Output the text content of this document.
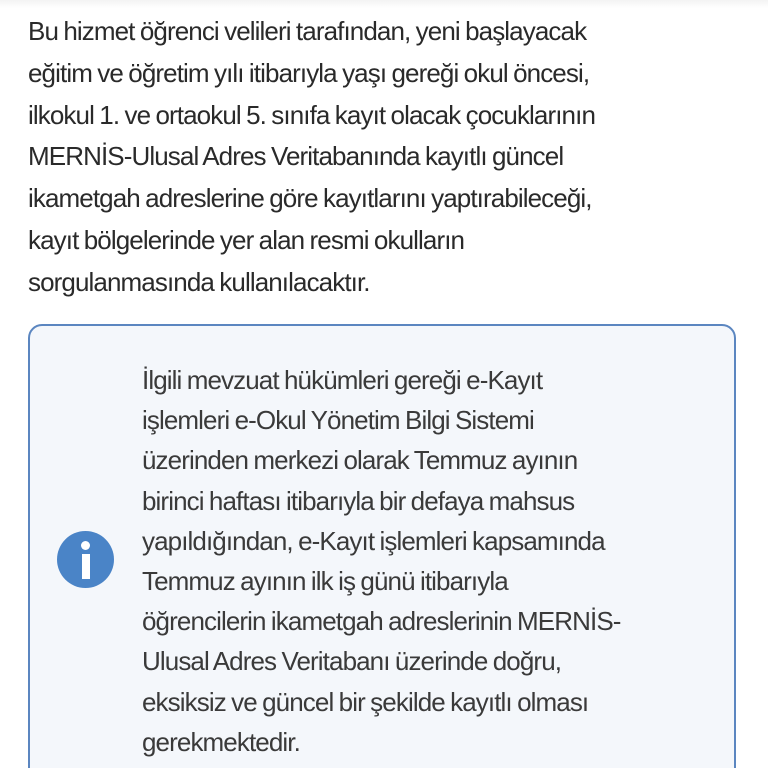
Bu hizmet öğrenci velileri tarafından, yeni başlayacak
eğitim ve öğretim yılı itibarıyla yaşı gereği okul öncesi,
ilkokul 1. ve ortaokul 5. sınıfa kayıt olacak çocuklarının
MERNİS-Ulusal Adres Veritabanında kayıtlı güncel
ikametgah adreslerine göre kayıtlarını yaptırabileceği,
kayıt bölgelerinde yer alan resmi okulların
sorgulanmasında kullanılacaktır.

İlgili mevzuat hükümleri gereği e-Kayıt
işlemleri e-Okul Yönetim Bilgi Sistemi
üzerinden merkezi olarak Temmuz ayının
birinci haftası itibarıyla bir defaya mahsus
yapıldığından, e-Kayıt işlemleri kapsamında
Temmuz ayının ilk iş günü itibarıyla
öğrencilerin ikametgah adreslerinin MERNİS-
Ulusal Adres Veritabanı üzerinde doğru,
eksiksiz ve güncel bir şekilde kayıtlı olması
gerekmektedir.
